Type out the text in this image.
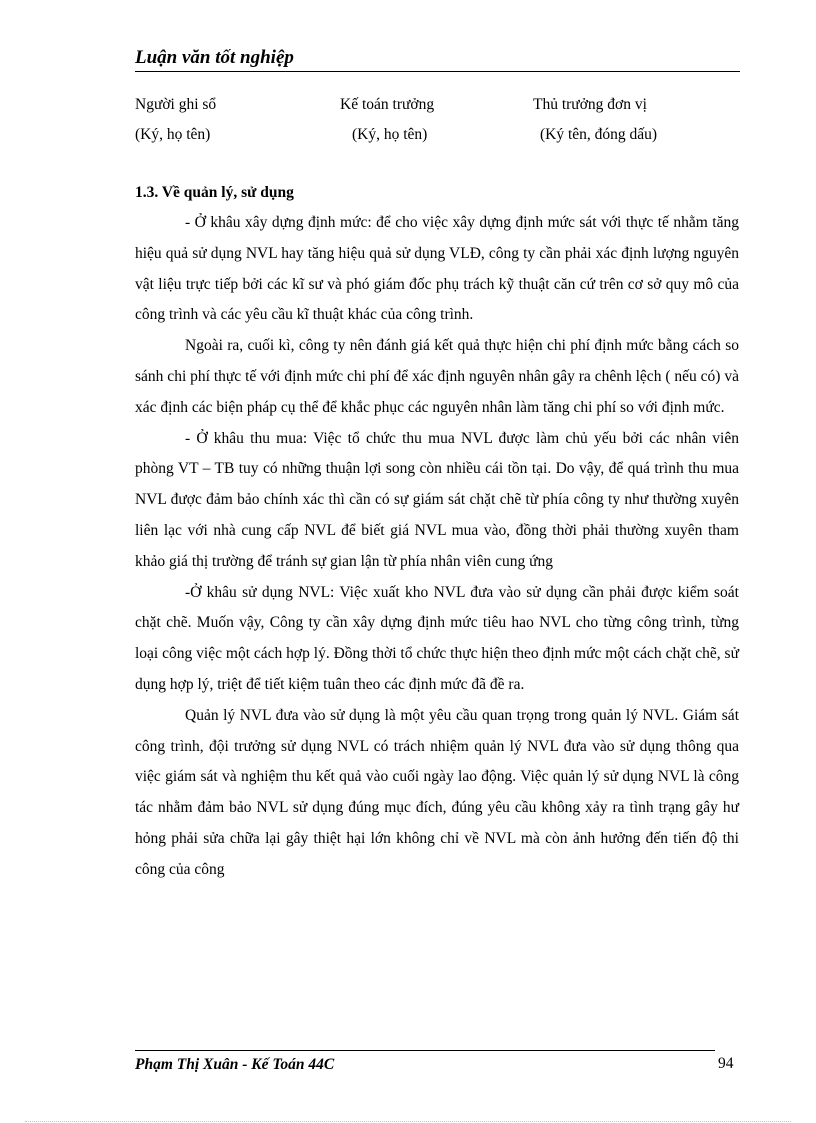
Luận văn tốt nghiệp
Người ghi sổ	Kế toán trưởng	Thủ trưởng đơn vị
(Ký, họ tên)	(Ký, họ tên)	(Ký tên, đóng dấu)
1.3. Về quản lý, sử dụng

- Ở khâu xây dựng định mức: để cho việc xây dựng định mức sát với thực tế nhằm tăng hiệu quả sử dụng NVL hay tăng hiệu quả sử dụng VLĐ, công ty cần phải xác định lượng nguyên vật liệu trực tiếp bởi các kĩ sư và phó giám đốc phụ trách kỹ thuật căn cứ trên cơ sở quy mô của công trình và các yêu cầu kĩ thuật khác của công trình.

Ngoài ra, cuối kì, công ty nên đánh giá kết quả thực hiện chi phí định mức bằng cách so sánh chi phí thực tế với định mức chi phí để xác định nguyên nhân gây ra chênh lệch ( nếu có) và xác định các biện pháp cụ thể để khắc phục các nguyên nhân làm tăng chi phí so với định mức.

- Ở khâu thu mua: Việc tổ chức thu mua NVL được làm chủ yếu bởi các nhân viên phòng VT – TB tuy có những thuận lợi song còn nhiều cái tồn tại. Do vậy, để quá trình thu mua NVL được đảm bảo chính xác thì cần có sự giám sát chặt chẽ từ phía công ty như thường xuyên liên lạc với nhà cung cấp NVL để biết giá NVL mua vào, đồng thời phải thường xuyên tham khảo giá thị trường để tránh sự gian lận từ phía nhân viên cung ứng

-Ở khâu sử dụng NVL: Việc xuất kho NVL đưa vào sử dụng cần phải được kiểm soát chặt chẽ. Muốn vậy, Công ty cần xây dựng định mức tiêu hao NVL cho từng công trình, từng loại công việc một cách hợp lý. Đồng thời tổ chức thực hiện theo định mức một cách chặt chẽ, sử dụng hợp lý, triệt để tiết kiệm tuân theo các định mức đã đề ra.

Quản lý NVL đưa vào sử dụng là một yêu cầu quan trọng trong quản lý NVL. Giám sát công trình, đội trưởng sử dụng NVL có trách nhiệm quản lý NVL đưa vào sử dụng thông qua việc giám sát và nghiệm thu kết quả vào cuối ngày lao động. Việc quản lý sử dụng NVL là công tác nhằm đảm bảo NVL sử dụng đúng mục đích, đúng yêu cầu không xảy ra tình trạng gây hư hỏng phải sửa chữa lại gây thiệt hại lớn không chỉ về NVL mà còn ảnh hưởng đến tiến độ thi công của công

Phạm Thị Xuân - Kế Toán 44C	94
